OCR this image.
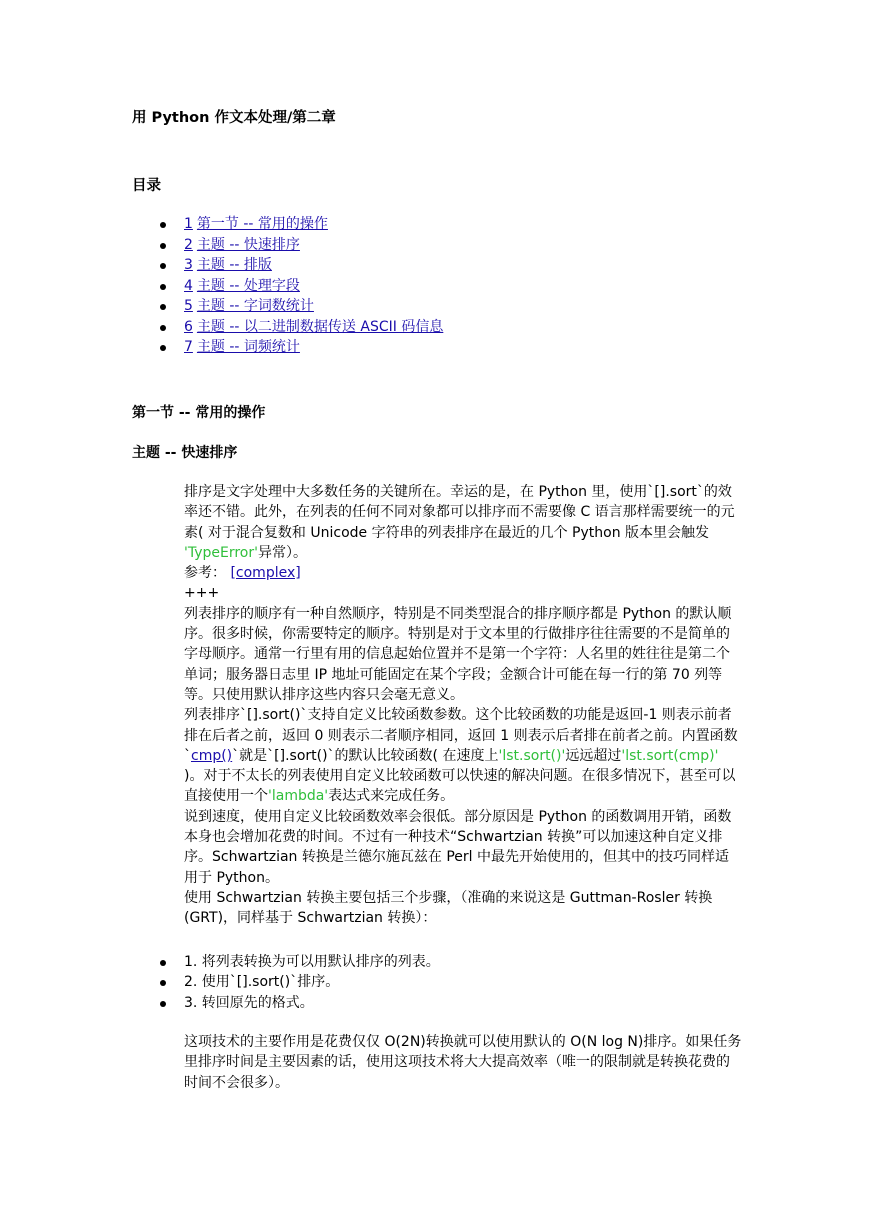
用 Python 作文本处理/第二章
目录
1 第一节 -- 常用的操作
2 主题 -- 快速排序
3 主题 -- 排版
4 主题 -- 处理字段
5 主题 -- 字词数统计
6 主题 -- 以二进制数据传送 ASCII 码信息
7 主题 -- 词频统计
第一节 -- 常用的操作
主题 -- 快速排序

排序是文字处理中大多数任务的关键所在。幸运的是，在 Python 里，使用`[].sort`的效率还不错。此外，在列表的任何不同对象都可以排序而不需要像 C 语言那样需要统一的元素( 对于混合复数和 Unicode 字符串的列表排序在最近的几个 Python 版本里会触发 'TypeError'异常）。

参考： [complex]

+++

列表排序的顺序有一种自然顺序，特别是不同类型混合的排序顺序都是 Python 的默认顺序。很多时候，你需要特定的顺序。特别是对于文本里的行做排序往往需要的不是简单的字母顺序。通常一行里有用的信息起始位置并不是第一个字符：人名里的姓往往是第二个单词；服务器日志里 IP 地址可能固定在某个字段；金额合计可能在每一行的第 70 列等等。只使用默认排序这些内容只会毫无意义。

列表排序`[].sort()`支持自定义比较函数参数。这个比较函数的功能是返回-1 则表示前者排在后者之前，返回 0 则表示二者顺序相同，返回 1 则表示后者排在前者之前。内置函数`cmp()`就是`[].sort()`的默认比较函数( 在速度上'lst.sort()'远远超过'lst.sort(cmp)' )。对于不太长的列表使用自定义比较函数可以快速的解决问题。在很多情况下，甚至可以直接使用一个'lambda'表达式来完成任务。

说到速度，使用自定义比较函数效率会很低。部分原因是 Python 的函数调用开销，函数本身也会增加花费的时间。不过有一种技术“Schwartzian 转换”可以加速这种自定义排序。Schwartzian 转换是兰德尔施瓦兹在 Perl 中最先开始使用的，但其中的技巧同样适用于 Python。

使用 Schwartzian 转换主要包括三个步骤，（准确的来说这是 Guttman-Rosler 转换(GRT)，同样基于 Schwartzian 转换）：

1. 将列表转换为可以用默认排序的列表。
2. 使用`[].sort()`排序。
3. 转回原先的格式。

这项技术的主要作用是花费仅仅 O(2N)转换就可以使用默认的 O(N log N)排序。如果任务里排序时间是主要因素的话，使用这项技术将大大提高效率（唯一的限制就是转换花费的时间不会很多）。
